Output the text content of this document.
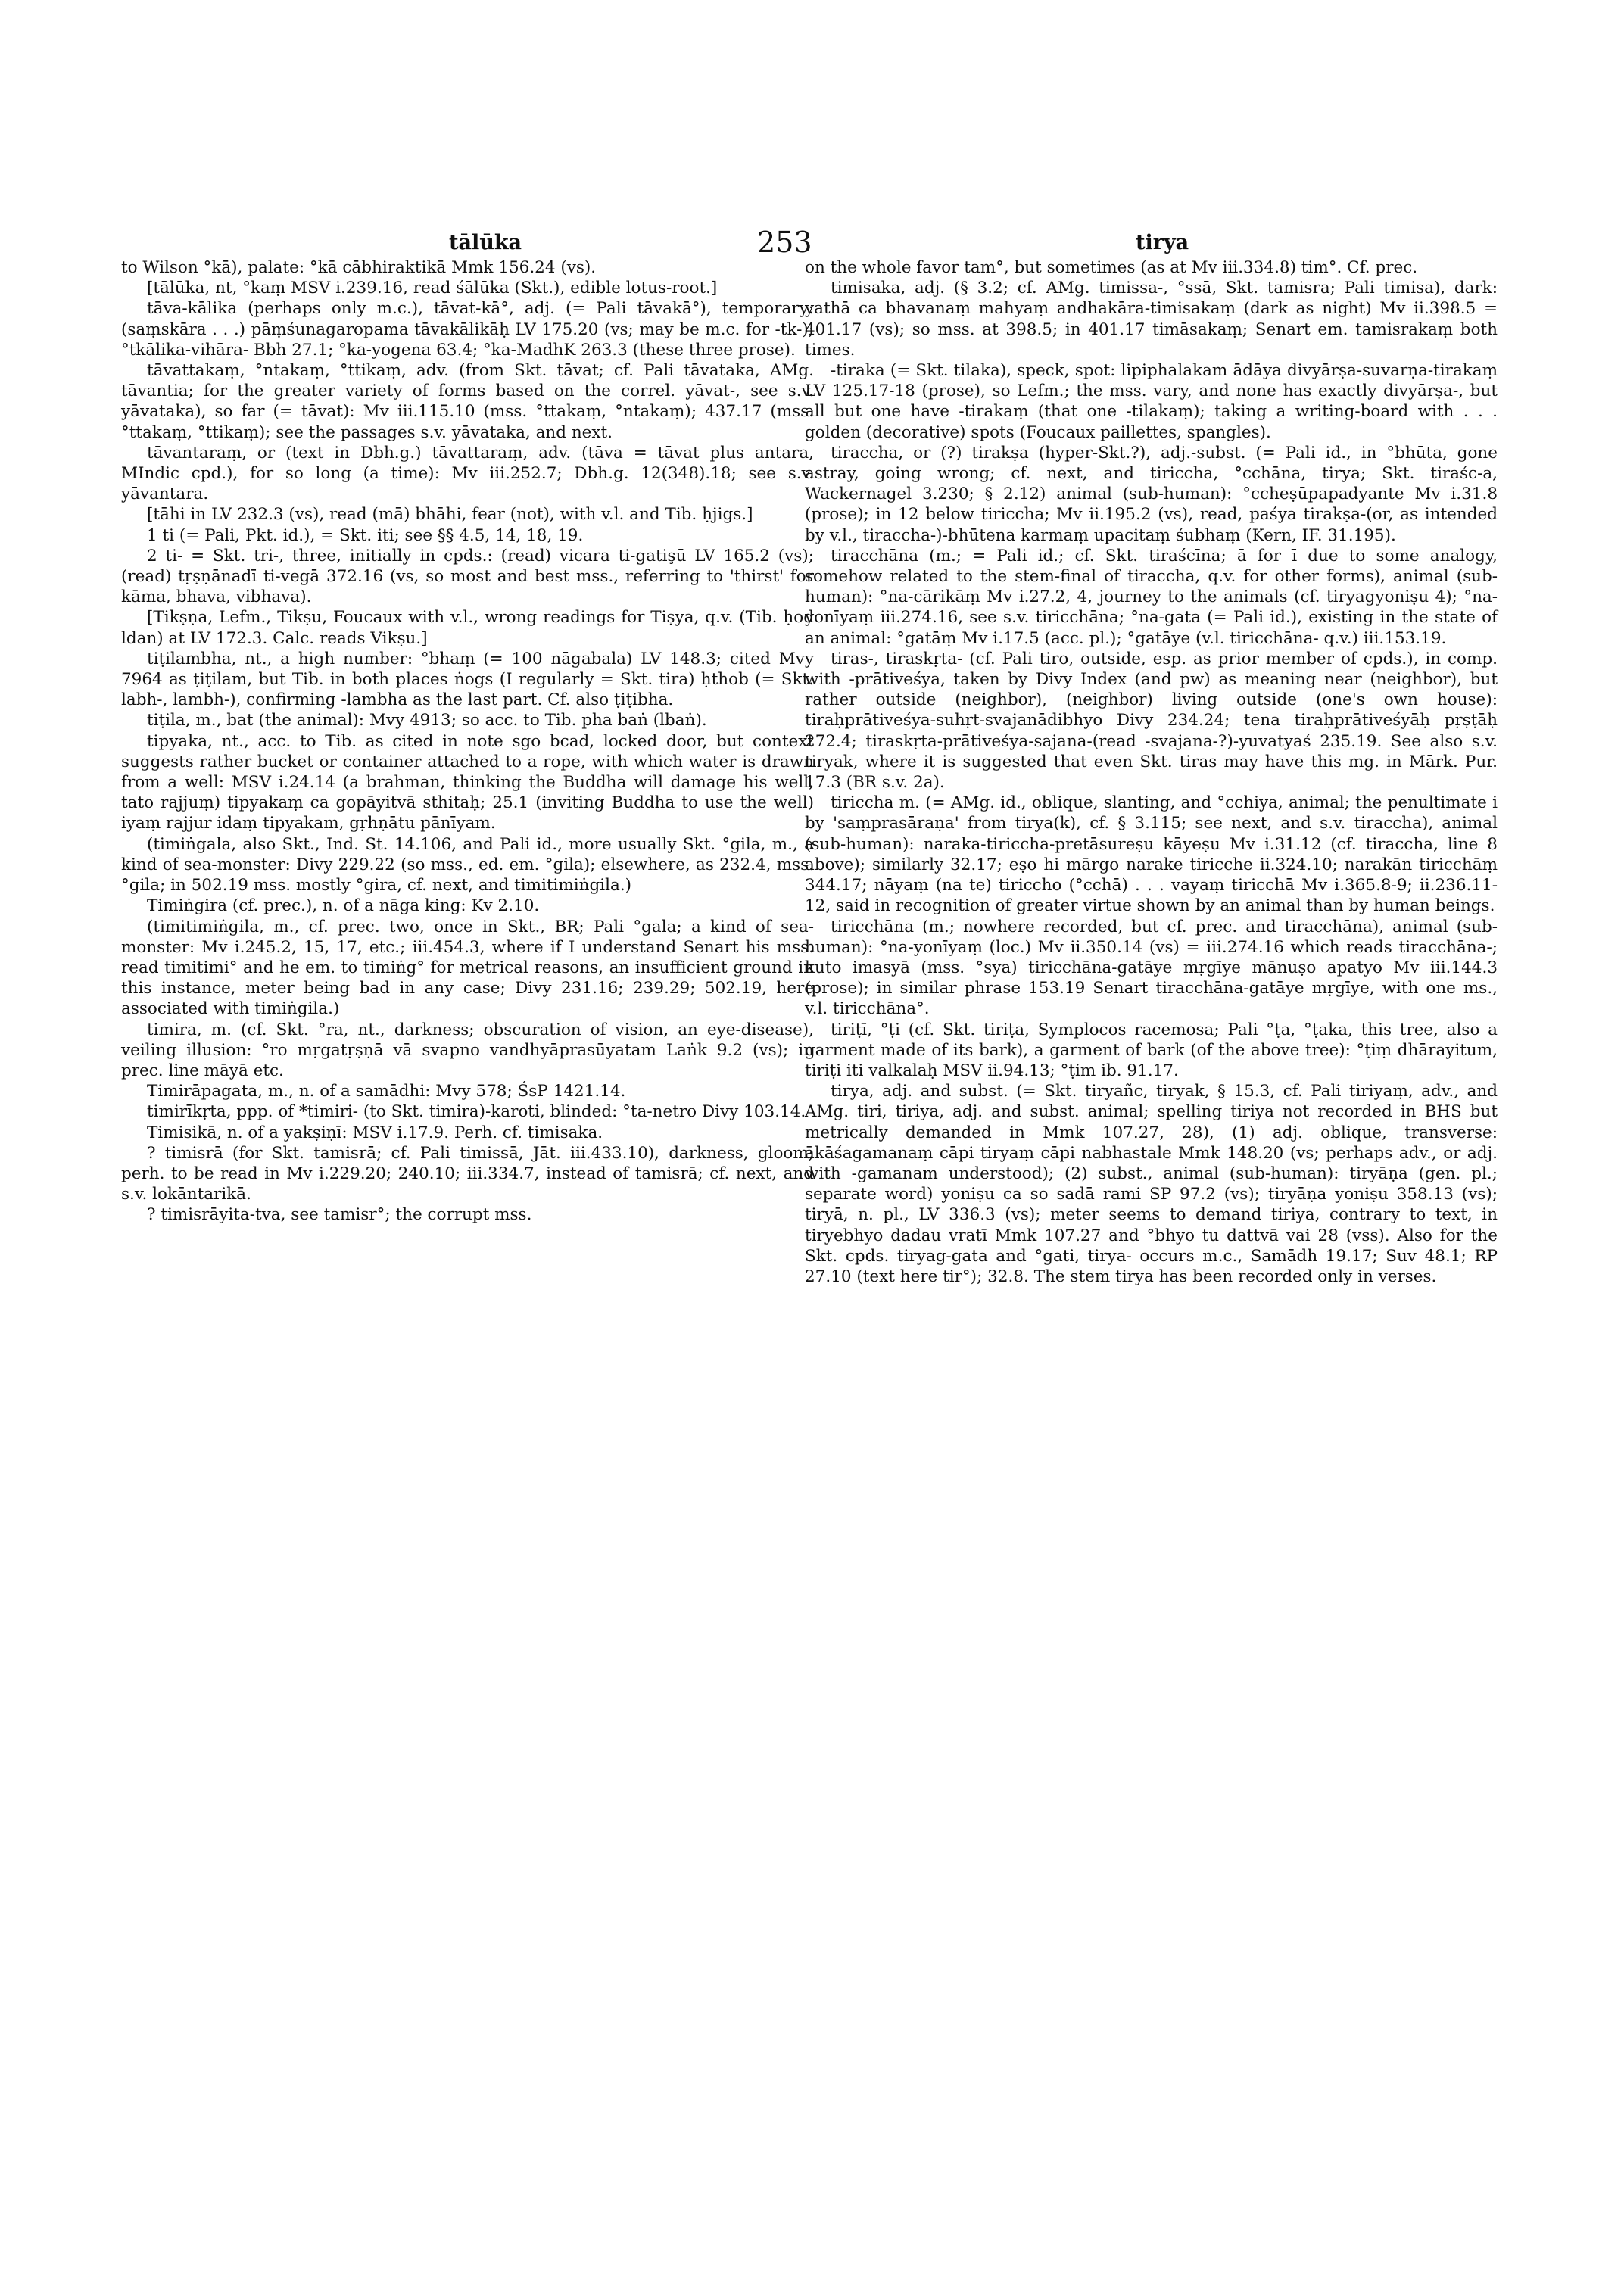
tālūka	253	tirya

to Wilson °kā), palate: °kā cābhiraktikā Mmk 156.24 (vs).

[tālūka, nt, °kaṃ MSV i.239.16, read śālūka (Skt.), edible lotus-root.]

tāva-kālika (perhaps only m.c.), tāvat-kā°, adj. (= Pali tāvakā°), temporary: (saṃskāra . . .) pāṃśunagaropama tāvakālikāḥ LV 175.20 (vs; may be m.c. for -tk-); °tkālika-vihāra- Bbh 27.1; °ka-yogena 63.4; °ka-MadhK 263.3 (these three prose).

tāvattakaṃ, °ntakaṃ, °ttikaṃ, adv. (from Skt. tāvat; cf. Pali tāvataka, AMg. tāvantia; for the greater variety of forms based on the correl. yāvat-, see s.v. yāvataka), so far (= tāvat): Mv iii.115.10 (mss. °ttakaṃ, °ntakaṃ); 437.17 (mss. °ttakaṃ, °ttikaṃ); see the passages s.v. yāvataka, and next.

tāvantaraṃ, or (text in Dbh.g.) tāvattaraṃ, adv. (tāva = tāvat plus antara, MIndic cpd.), for so long (a time): Mv iii.252.7; Dbh.g. 12(348).18; see s.v. yāvantara.

[tāhi in LV 232.3 (vs), read (mā) bhāhi, fear (not), with v.l. and Tib. ḥjigs.]

1 ti (= Pali, Pkt. id.), = Skt. iti; see §§ 4.5, 14, 18, 19.

2 ti- = Skt. tri-, three, initially in cpds.: (read) vicara ti-gatişū LV 165.2 (vs); (read) tṛṣṇānadī ti-vegā 372.16 (vs, so most and best mss., referring to 'thirst' for kāma, bhava, vibhava).

[Tikṣṇa, Lefm., Tikṣu, Foucaux with v.l., wrong readings for Tiṣya, q.v. (Tib. ḥod ldan) at LV 172.3. Calc. reads Vikṣu.]

tiṭilambha, nt., a high number: °bhaṃ (= 100 nāgabala) LV 148.3; cited Mvy 7964 as ṭiṭilam, but Tib. in both places ṅogs (I regularly = Skt. tira) ḥthob (= Skt. labh-, lambh-), confirming -lambha as the last part. Cf. also ṭiṭibha.

tiṭila, m., bat (the animal): Mvy 4913; so acc. to Tib. pha baṅ (lbaṅ).

tipyaka, nt., acc. to Tib. as cited in note sgo bcad, locked door, but context suggests rather bucket or container attached to a rope, with which water is drawn from a well: MSV i.24.14 (a brahman, thinking the Buddha will damage his well, tato rajjuṃ) tipyakaṃ ca gopāyitvā sthitaḥ; 25.1 (inviting Buddha to use the well) iyaṃ rajjur idaṃ tipyakam, gṛhṇātu pānīyam.

(timiṅgala, also Skt., Ind. St. 14.106, and Pali id., more usually Skt. °gila, m., a kind of sea-monster: Divy 229.22 (so mss., ed. em. °gila); elsewhere, as 232.4, mss. °gila; in 502.19 mss. mostly °gira, cf. next, and timitimiṅgila.)

Timiṅgira (cf. prec.), n. of a nāga king: Kv 2.10.

(timitimiṅgila, m., cf. prec. two, once in Skt., BR; Pali °gala; a kind of sea-monster: Mv i.245.2, 15, 17, etc.; iii.454.3, where if I understand Senart his mss. read timitimi° and he em. to timiṅg° for metrical reasons, an insufficient ground in this instance, meter being bad in any case; Divy 231.16; 239.29; 502.19, here associated with timiṅgila.)

timira, m. (cf. Skt. °ra, nt., darkness; obscuration of vision, an eye-disease), veiling illusion: °ro mṛgatṛṣṇā vā svapno vandhyāprasūyatam Laṅk 9.2 (vs); in prec. line māyā etc.

Timirāpagata, m., n. of a samādhi: Mvy 578; ŚsP 1421.14.

timirīkṛta, ppp. of *timiri- (to Skt. timira)-karoti, blinded: °ta-netro Divy 103.14.

Timisikā, n. of a yakṣiṇī: MSV i.17.9. Perh. cf. timisaka.

? timisrā (for Skt. tamisrā; cf. Pali timissā, Jāt. iii.433.10), darkness, gloom; perh. to be read in Mv i.229.20; 240.10; iii.334.7, instead of tamisrā; cf. next, and s.v. lokāntarikā.

? timisrāyita-tva, see tamisr°; the corrupt mss.

on the whole favor tam°, but sometimes (as at Mv iii.334.8) tim°. Cf. prec.

timisaka, adj. (§ 3.2; cf. AMg. timissa-, °ssā, Skt. tamisra; Pali timisa), dark: yathā ca bhavanaṃ mahyaṃ andhakāra-timisakaṃ (dark as night) Mv ii.398.5 = 401.17 (vs); so mss. at 398.5; in 401.17 timāsakaṃ; Senart em. tamisrakaṃ both times.

-tiraka (= Skt. tilaka), speck, spot: lipiphalakam ādāya divyārṣa-suvarṇa-tirakaṃ LV 125.17-18 (prose), so Lefm.; the mss. vary, and none has exactly divyārṣa-, but all but one have -tirakaṃ (that one -tilakaṃ); taking a writing-board with . . . golden (decorative) spots (Foucaux paillettes, spangles).

tiraccha, or (?) tirakṣa (hyper-Skt.?), adj.-subst. (= Pali id., in °bhūta, gone astray, going wrong; cf. next, and tiriccha, °cchāna, tirya; Skt. tiraśc-a, Wackernagel 3.230; § 2.12) animal (sub-human): °ccheṣūpapadyante Mv i.31.8 (prose); in 12 below tiriccha; Mv ii.195.2 (vs), read, paśya tirakṣa-(or, as intended by v.l., tiraccha-)-bhūtena karmaṃ upacitaṃ śubhaṃ (Kern, IF. 31.195).

tiracchāna (m.; = Pali id.; cf. Skt. tiraścīna; ā for ī due to some analogy, somehow related to the stem-final of tiraccha, q.v. for other forms), animal (sub-human): °na-cārikāṃ Mv i.27.2, 4, journey to the animals (cf. tiryagyoniṣu 4); °na-yonīyaṃ iii.274.16, see s.v. tiricchāna; °na-gata (= Pali id.), existing in the state of an animal: °gatāṃ Mv i.17.5 (acc. pl.); °gatāye (v.l. tiricchāna- q.v.) iii.153.19.

tiras-, tiraskṛta- (cf. Pali tiro, outside, esp. as prior member of cpds.), in comp. with -prātiveśya, taken by Divy Index (and pw) as meaning near (neighbor), but rather outside (neighbor), (neighbor) living outside (one's own house): tiraḥprātiveśya-suhṛt-svajanādibhyo Divy 234.24; tena tiraḥprātiveśyāḥ pṛṣṭāḥ 272.4; tiraskṛta-prātiveśya-sajana-(read -svajana-?)-yuvatyaś 235.19. See also s.v. tiryak, where it is suggested that even Skt. tiras may have this mg. in Mārk. Pur. 17.3 (BR s.v. 2a).

tiriccha m. (= AMg. id., oblique, slanting, and °cchiya, animal; the penultimate i by 'saṃprasāraṇa' from tirya(k), cf. § 3.115; see next, and s.v. tiraccha), animal (sub-human): naraka-tiriccha-pretāsureṣu kāyeṣu Mv i.31.12 (cf. tiraccha, line 8 above); similarly 32.17; eṣo hi mārgo narake tiricche ii.324.10; narakān tiricchāṃ 344.17; nāyaṃ (na te) tiriccho (°cchā) . . . vayaṃ tiricchā Mv i.365.8-9; ii.236.11-12, said in recognition of greater virtue shown by an animal than by human beings.

tiricchāna (m.; nowhere recorded, but cf. prec. and tiracchāna), animal (sub-human): °na-yonīyaṃ (loc.) Mv ii.350.14 (vs) = iii.274.16 which reads tiracchāna-; kuto imasyā (mss. °sya) tiricchāna-gatāye mṛgīye mānuṣo apatyo Mv iii.144.3 (prose); in similar phrase 153.19 Senart tiracchāna-gatāye mṛgīye, with one ms., v.l. tiricchāna°.

tiriṭī, °ṭi (cf. Skt. tiriṭa, Symplocos racemosa; Pali °ṭa, °ṭaka, this tree, also a garment made of its bark), a garment of bark (of the above tree): °ṭiṃ dhārayitum, tiriṭi iti valkalaḥ MSV ii.94.13; °ṭim ib. 91.17.

tirya, adj. and subst. (= Skt. tiryañc, tiryak, § 15.3, cf. Pali tiriyaṃ, adv., and AMg. tiri, tiriya, adj. and subst. animal; spelling tiriya not recorded in BHS but metrically demanded in Mmk 107.27, 28), (1) adj. oblique, transverse: ākāśagamanaṃ cāpi tiryaṃ cāpi nabhastale Mmk 148.20 (vs; perhaps adv., or adj. with -gamanam understood); (2) subst., animal (sub-human): tiryāṇa (gen. pl.; separate word) yoniṣu ca so sadā rami SP 97.2 (vs); tiryāṇa yoniṣu 358.13 (vs); tiryā, n. pl., LV 336.3 (vs); meter seems to demand tiriya, contrary to text, in tiryebhyo dadau vratī Mmk 107.27 and °bhyo tu dattvā vai 28 (vss). Also for the Skt. cpds. tiryag-gata and °gati, tirya- occurs m.c., Samādh 19.17; Suv 48.1; RP 27.10 (text here tir°); 32.8. The stem tirya has been recorded only in verses.
